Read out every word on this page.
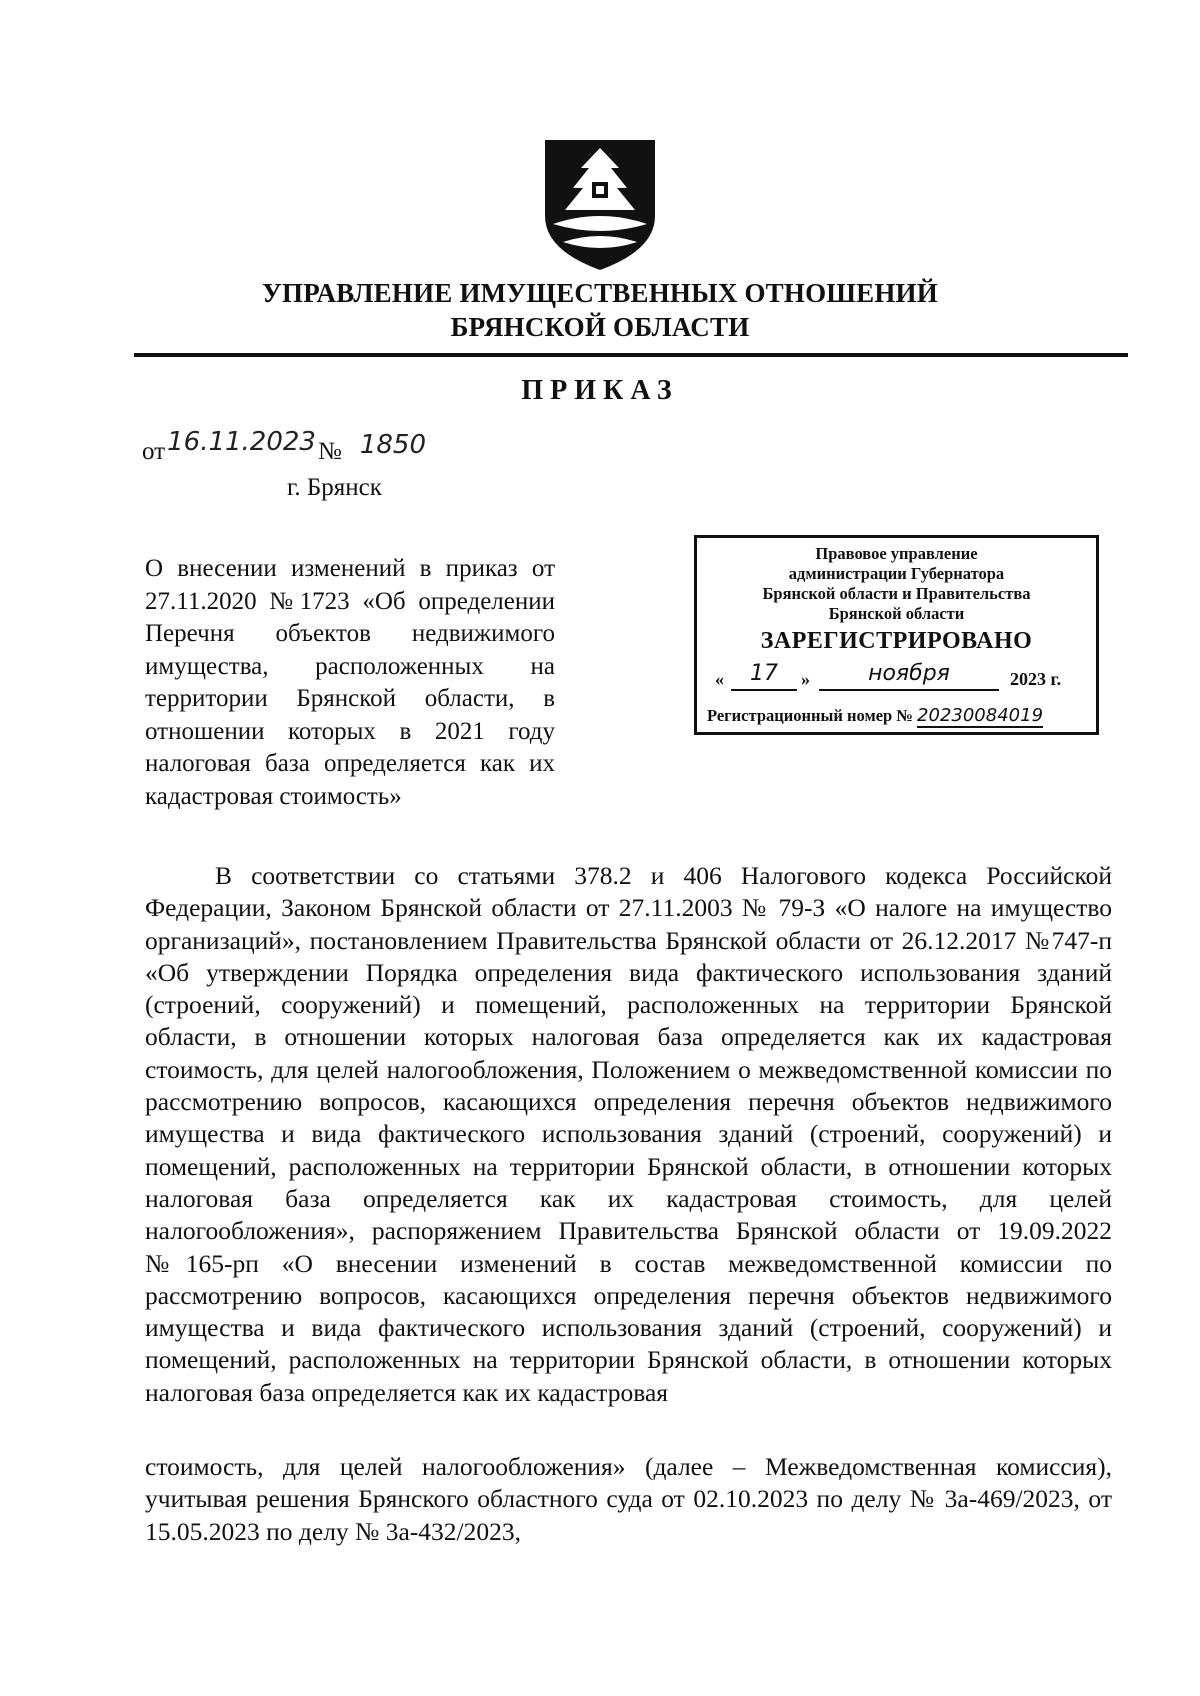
УПРАВЛЕНИЕ ИМУЩЕСТВЕННЫХ ОТНОШЕНИЙ
БРЯНСКОЙ ОБЛАСТИ
ПРИКАЗ
от16.11.2023№ 1850
г. Брянск
О внесении изменений в приказ от 27.11.2020 №1723 «Об определении Перечня объектов недвижимого имущества, расположенных на территории Брянской области, в отношении которых в 2021 году налоговая база определяется как их кадастровая стоимость»
Правовое управление
администрации Губернатора
Брянской области и Правительства
Брянской области
ЗАРЕГИСТРИРОВАНО
«	17	»	ноября	2023 г.
Регистрационный номер № 20230084019
В соответствии со статьями 378.2 и 406 Налогового кодекса Российской Федерации, Законом Брянской области от 27.11.2003 № 79-З «О налоге на имущество организаций», постановлением Правительства Брянской области от 26.12.2017 №747-п «Об утверждении Порядка определения вида фактического использования зданий (строений, сооружений) и помещений, расположенных на территории Брянской области, в отношении которых налоговая база определяется как их кадастровая стоимость, для целей налогообложения, Положением о межведомственной комиссии по рассмотрению вопросов, касающихся определения перечня объектов недвижимого имущества и вида фактического использования зданий (строений, сооружений) и помещений, расположенных на территории Брянской области, в отношении которых налоговая база определяется как их кадастровая стоимость, для целей налогообложения», распоряжением Правительства Брянской области от 19.09.2022 №165-рп «О внесении изменений в состав межведомственной комиссии по рассмотрению вопросов, касающихся определения перечня объектов недвижимого имущества и вида фактического использования зданий (строений, сооружений) и помещений, расположенных на территории Брянской области, в отношении которых налоговая база определяется как их кадастровая
стоимость, для целей налогообложения» (далее – Межведомственная комиссия), учитывая решения Брянского областного суда от 02.10.2023 по делу № 3а-469/2023, от 15.05.2023 по делу № 3а-432/2023,
